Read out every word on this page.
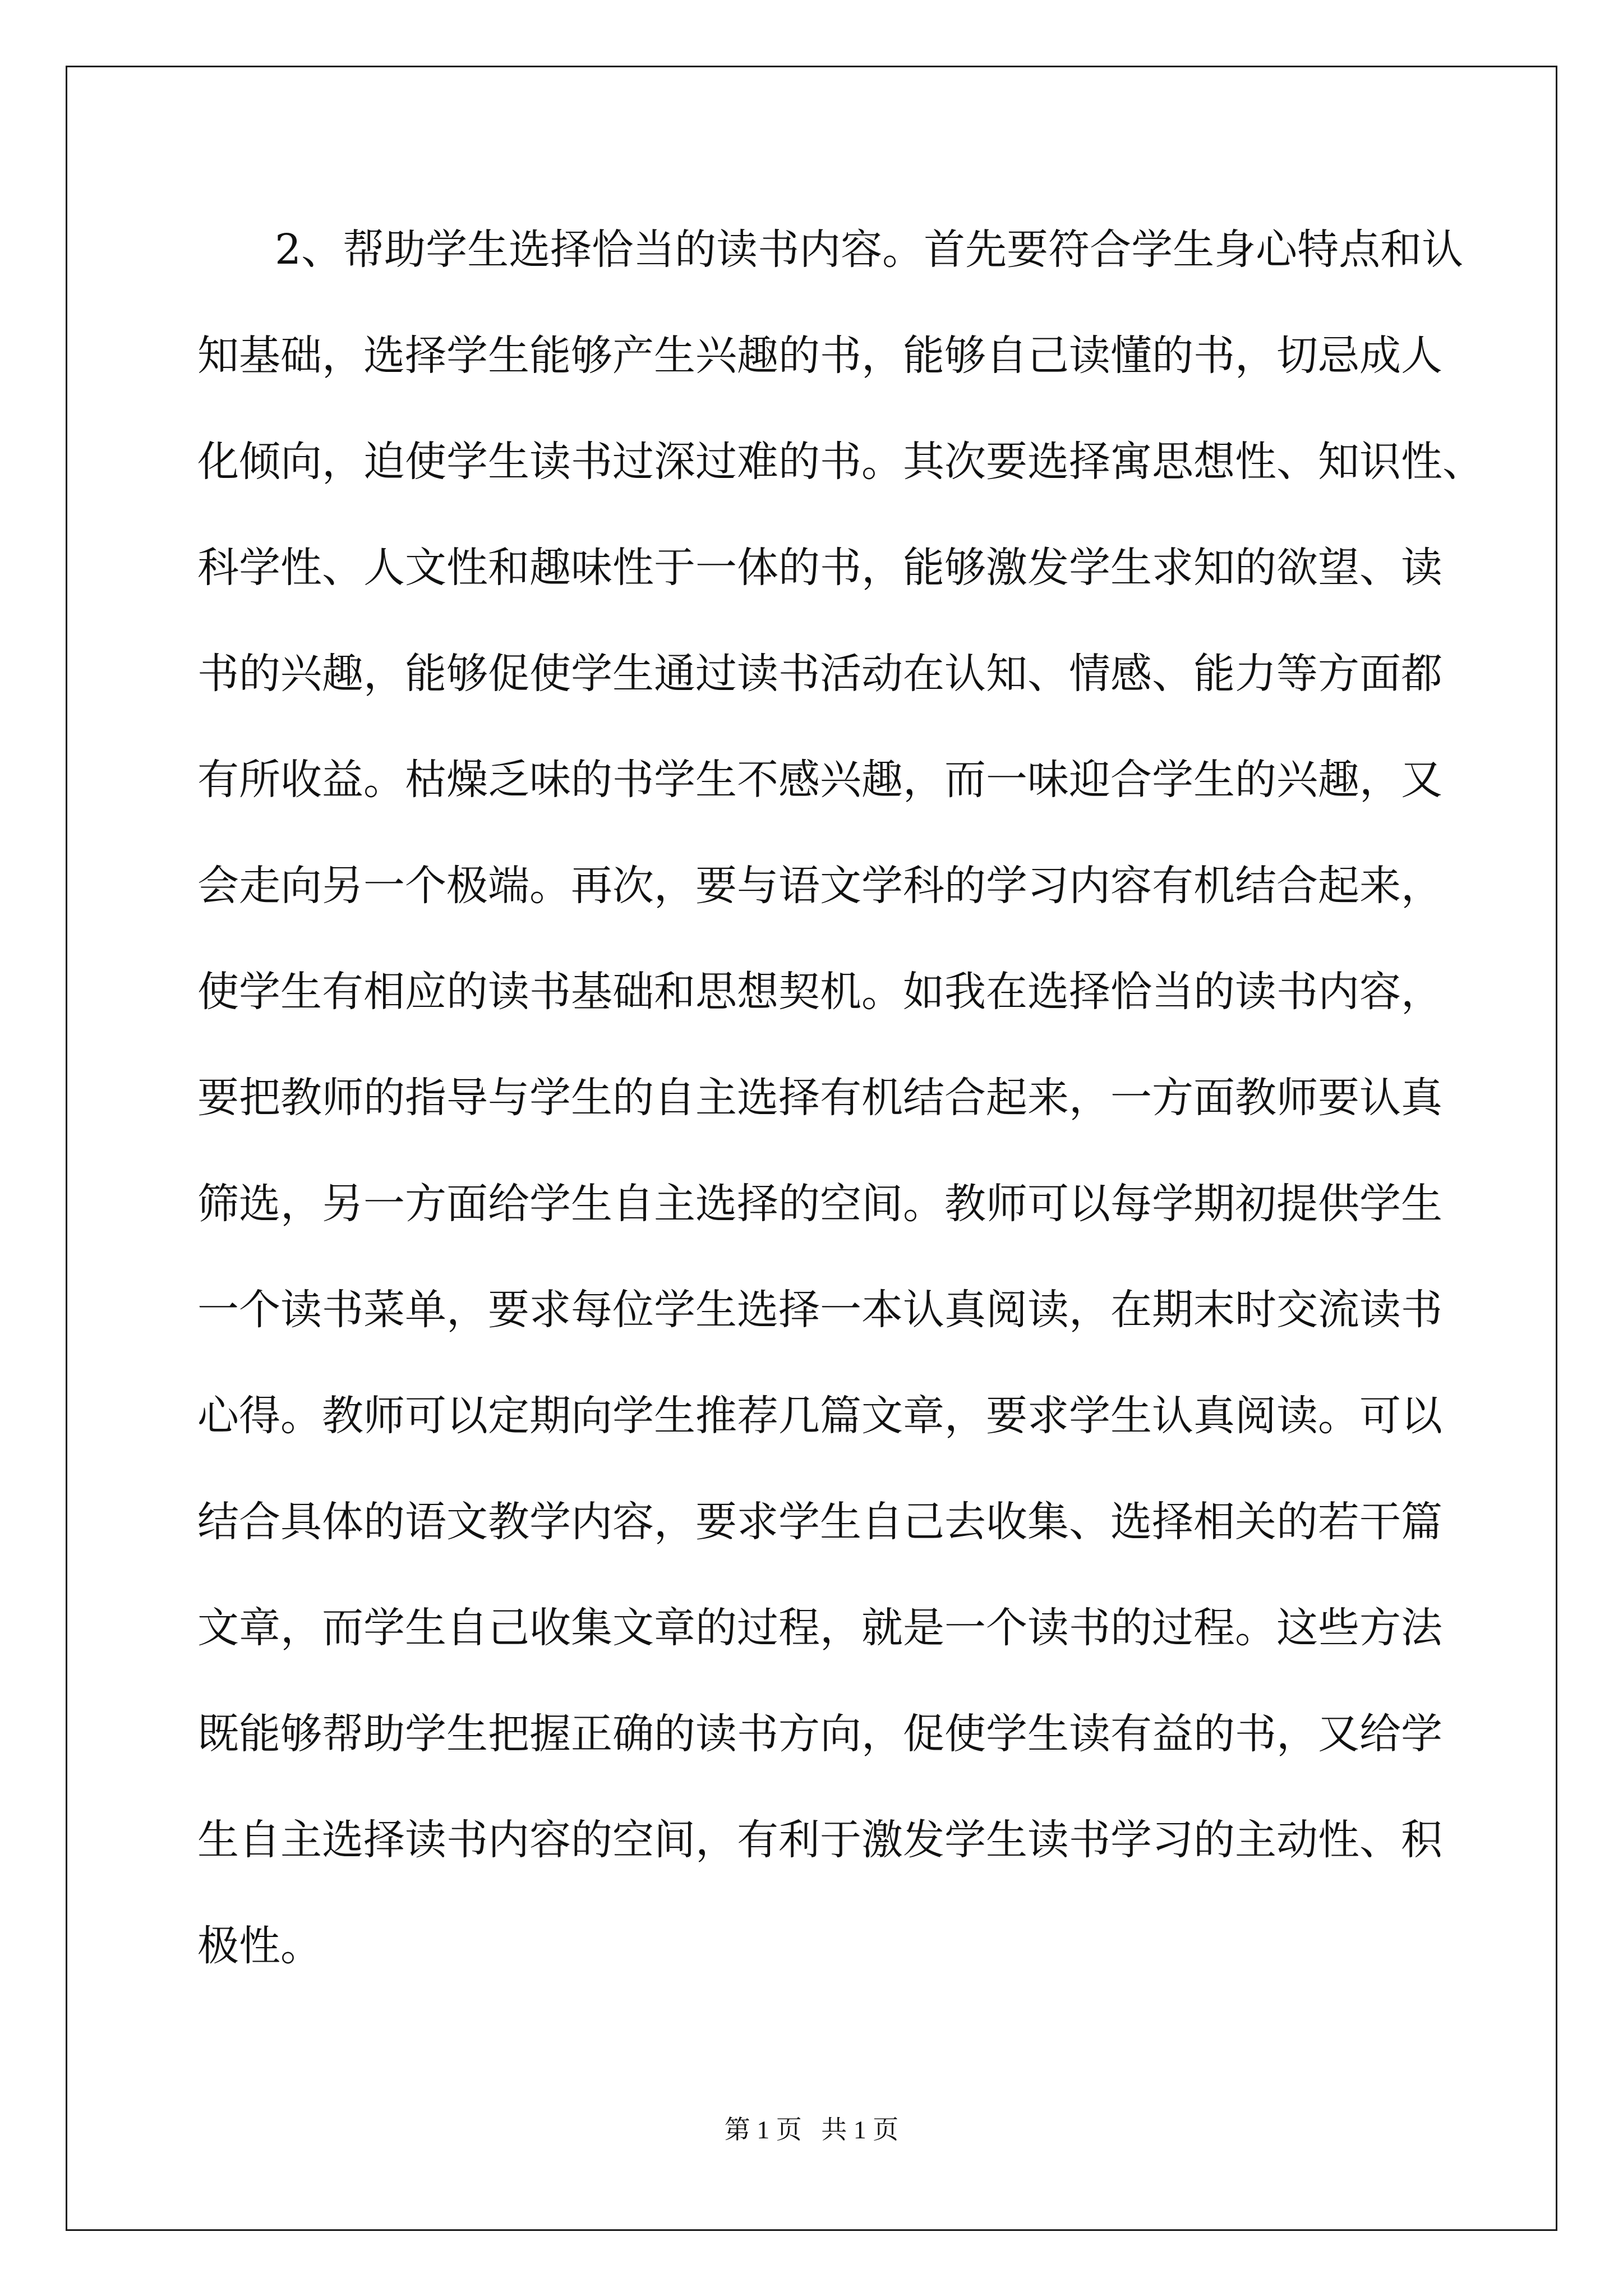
2、帮助学生选择恰当的读书内容。首先要符合学生身心特点和认
知基础，选择学生能够产生兴趣的书，能够自己读懂的书，切忌成人
化倾向，迫使学生读书过深过难的书。其次要选择寓思想性、知识性、
科学性、人文性和趣味性于一体的书，能够激发学生求知的欲望、读
书的兴趣，能够促使学生通过读书活动在认知、情感、能力等方面都
有所收益。枯燥乏味的书学生不感兴趣，而一味迎合学生的兴趣，又
会走向另一个极端。再次，要与语文学科的学习内容有机结合起来，
使学生有相应的读书基础和思想契机。如我在选择恰当的读书内容，
要把教师的指导与学生的自主选择有机结合起来，一方面教师要认真
筛选，另一方面给学生自主选择的空间。教师可以每学期初提供学生
一个读书菜单，要求每位学生选择一本认真阅读，在期末时交流读书
心得。教师可以定期向学生推荐几篇文章，要求学生认真阅读。可以
结合具体的语文教学内容，要求学生自己去收集、选择相关的若干篇
文章，而学生自己收集文章的过程，就是一个读书的过程。这些方法
既能够帮助学生把握正确的读书方向，促使学生读有益的书，又给学
生自主选择读书内容的空间，有利于激发学生读书学习的主动性、积
极性。
第 1 页   共 1 页
